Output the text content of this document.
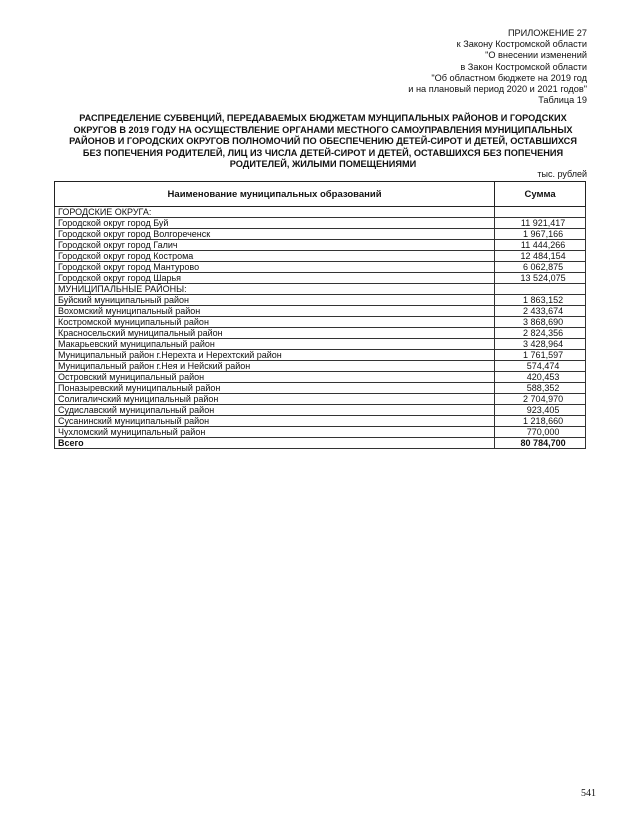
ПРИЛОЖЕНИЕ 27
к Закону Костромской области
"О внесении изменений
в Закон Костромской области
"Об областном бюджете на 2019 год
и на плановый период 2020 и 2021 годов"
Таблица 19
РАСПРЕДЕЛЕНИЕ СУБВЕНЦИЙ, ПЕРЕДАВАЕМЫХ БЮДЖЕТАМ МУНЦИПАЛЬНЫХ РАЙОНОВ И ГОРОДСКИХ
ОКРУГОВ В 2019 ГОДУ НА ОСУЩЕСТВЛЕНИЕ ОРГАНАМИ МЕСТНОГО САМОУПРАВЛЕНИЯ МУНИЦИПАЛЬНЫХ
РАЙОНОВ И ГОРОДСКИХ ОКРУГОВ ПОЛНОМОЧИЙ ПО ОБЕСПЕЧЕНИЮ ДЕТЕЙ-СИРОТ И ДЕТЕЙ, ОСТАВШИХСЯ
БЕЗ ПОПЕЧЕНИЯ РОДИТЕЛЕЙ, ЛИЦ ИЗ ЧИСЛА ДЕТЕЙ-СИРОТ И ДЕТЕЙ, ОСТАВШИХСЯ БЕЗ ПОПЕЧЕНИЯ
РОДИТЕЛЕЙ, ЖИЛЫМИ ПОМЕЩЕНИЯМИ
тыс. рублей
Наименование муниципальных образований	Сумма
ГОРОДСКИЕ ОКРУГА:	
Городской округ город Буй	11 921,417
Городской округ город Волгореченск	1 967,166
Городской округ город Галич	11 444,266
Городской округ город Кострома	12 484,154
Городской округ город Мантурово	6 062,875
Городской округ город Шарья	13 524,075
МУНИЦИПАЛЬНЫЕ РАЙОНЫ:	
Буйский муниципальный район	1 863,152
Вохомский муниципальный район	2 433,674
Костромской муниципальный район	3 868,690
Красносельский муниципальный район	2 824,356
Макарьевский муниципальный район	3 428,964
Муниципальный район г.Нерехта и Нерехтский район	1 761,597
Муниципальный район г.Нея и Нейский район	574,474
Островский муниципальный район	420,453
Поназыревский муниципальный район	588,352
Солигаличский муниципальный район	2 704,970
Судиславский муниципальный район	923,405
Сусанинский муниципальный район	1 218,660
Чухломский муниципальный район	770,000
Всего	80 784,700
541
